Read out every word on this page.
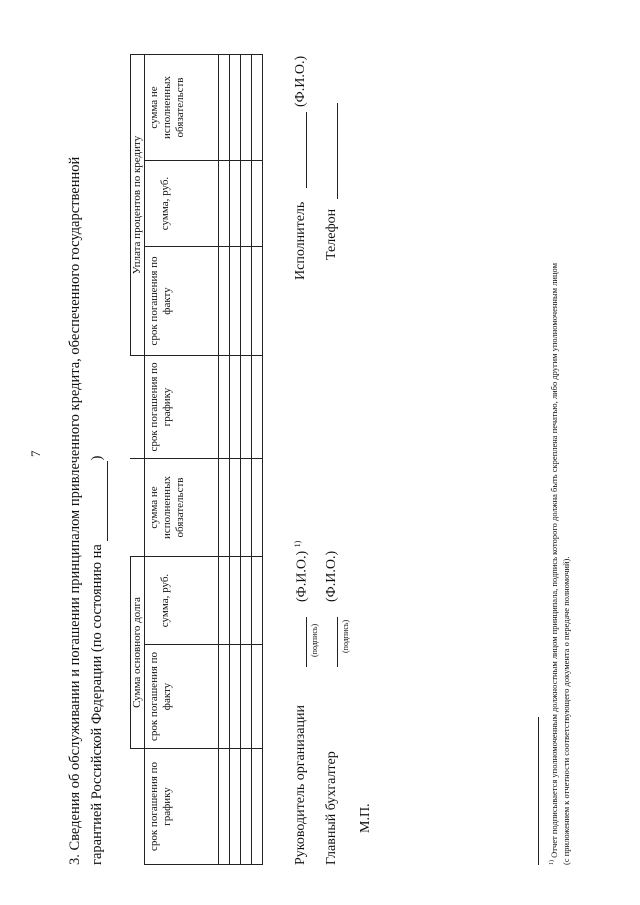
7 3. Сведения об обслуживании и погашении принципалом привлеченного кредита, обеспеченного государственной гарантией Российской Федерации (по состоянию на )
	Сумма основного долга				Уплата процентов по кредиту		
срок погашения по графику	срок погашения по факту	сумма, руб.	сумма не исполненных обязательств	срок погашения по графику	срок погашения по факту	сумма, руб.	сумма не исполненных обязательств

Руководитель организации
(подпись)
(Ф.И.О.) $^{1)}$
Главный бухгалтер
(подпись)
(Ф.И.О.)
М.П.
Исполнитель
(Ф.И.О.)
Телефон
$^{1)}$ Отчет подписывается уполномоченным должностным лицом принципала, подпись которого должна быть скреплена печатью, либо другим уполномоченным лицом (с приложением к отчетности соответствующего документа о передаче полномочий).
